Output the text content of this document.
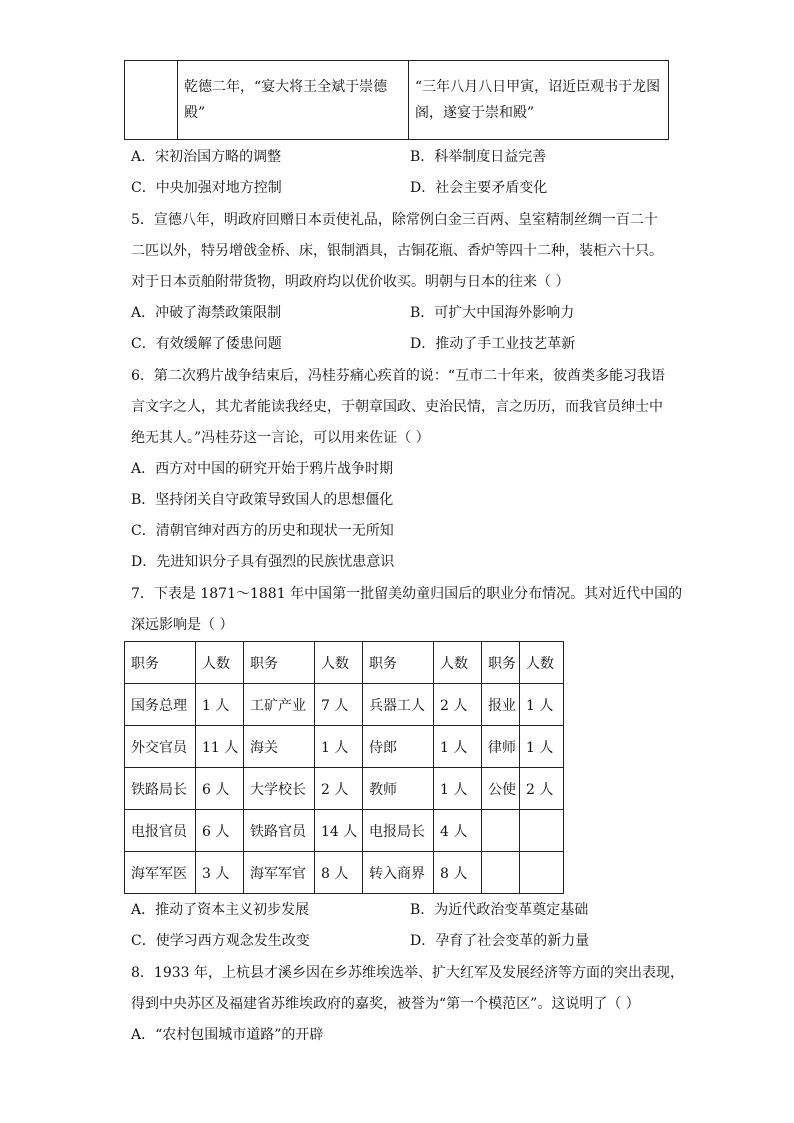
	乾德二年，“宴大将王全斌于崇德殿”	
“三年八月八日甲寅，诏近臣观书于龙图
阁，遂宴于崇和殿”
A．宋初治国方略的调整	B．科举制度日益完善
C．中央加强对地方控制	D．社会主要矛盾变化
5．宣德八年，明政府回赠日本贡使礼品，除常例白金三百两、皇室精制丝绸一百二十
二匹以外，特另增戗金桥、床，银制酒具，古铜花瓶、香炉等四十二种，装柜六十只。
对于日本贡舶附带货物，明政府均以优价收买。明朝与日本的往来（ ）
A．冲破了海禁政策限制	B．可扩大中国海外影响力
C．有效缓解了倭患问题	D．推动了手工业技艺革新
6．第二次鸦片战争结束后，冯桂芬痛心疾首的说：“互市二十年来，彼酋类多能习我语
言文字之人，其尤者能读我经史，于朝章国政、吏治民情，言之历历，而我官员绅士中
绝无其人。”冯桂芬这一言论，可以用来佐证（ ）
A．西方对中国的研究开始于鸦片战争时期
B．坚持闭关自守政策导致国人的思想僵化
C．清朝官绅对西方的历史和现状一无所知
D．先进知识分子具有强烈的民族忧患意识
7．下表是 1871～1881 年中国第一批留美幼童归国后的职业分布情况。其对近代中国的
深远影响是（ ）
职务	人数	职务	人数	职务	人数	职务	人数
国务总理	1 人	工矿产业	7 人	兵器工人	2 人	报业	1 人
外交官员	11 人	海关	1 人	侍郎	1 人	律师	1 人
铁路局长	6 人	大学校长	2 人	教师	1 人	公使	2 人
电报官员	6 人	铁路官员	14 人	电报局长	4 人		
海军军医	3 人	海军军官	8 人	转入商界	8 人		
A．推动了资本主义初步发展	B．为近代政治变革奠定基础
C．使学习西方观念发生改变	D．孕育了社会变革的新力量
8．1933 年，上杭县才溪乡因在乡苏维埃选举、扩大红军及发展经济等方面的突出表现，
得到中央苏区及福建省苏维埃政府的嘉奖，被誉为“第一个模范区”。这说明了（ ）
A．“农村包围城市道路”的开辟
